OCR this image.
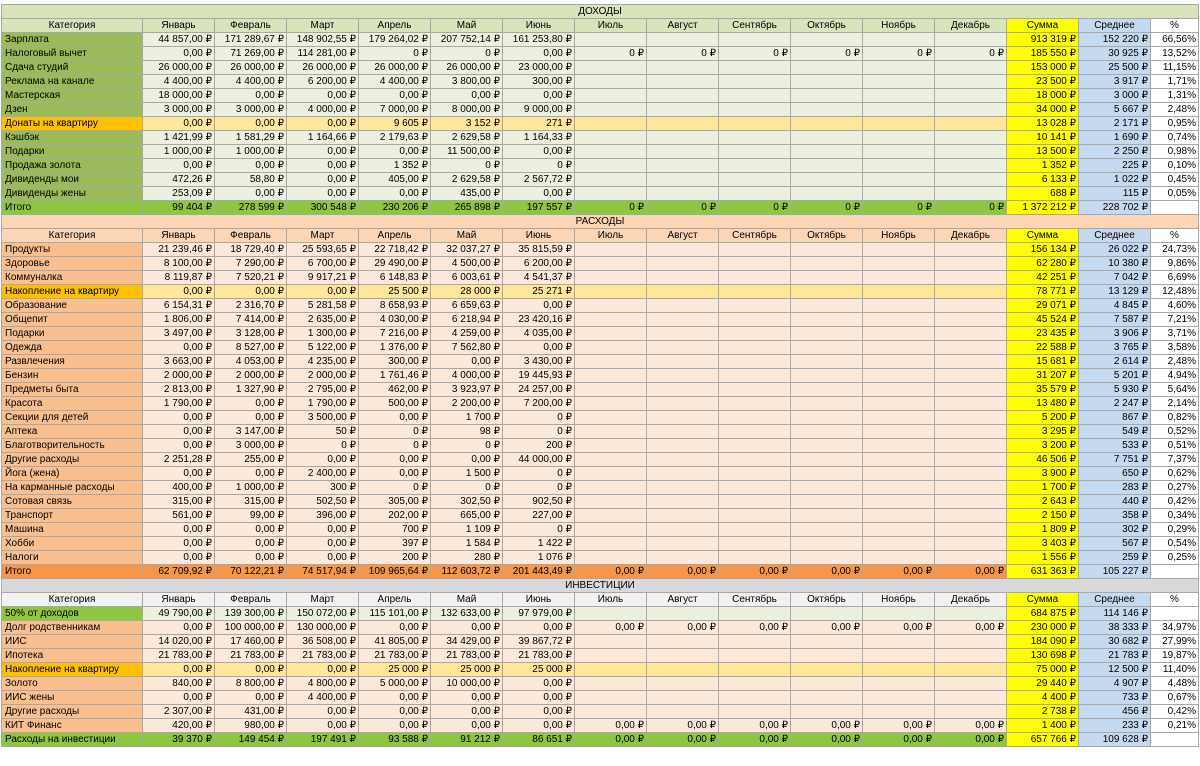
ДОХОДЫ															
Категория	Январь	Февраль	Март	Апрель	Май	Июнь	Июль	Август	Сентябрь	Октябрь	Ноябрь	Декабрь	Сумма	Среднее	%
Зарплата	44 857,00 ₽	171 289,67 ₽	148 902,55 ₽	179 264,02 ₽	207 752,14 ₽	161 253,80 ₽							913 319 ₽	152 220 ₽	66,56%
Налоговый вычет	0,00 ₽	71 269,00 ₽	114 281,00 ₽	0 ₽	0 ₽	0,00 ₽	0 ₽	0 ₽	0 ₽	0 ₽	0 ₽	0 ₽	185 550 ₽	30 925 ₽	13,52%
Сдача студий	26 000,00 ₽	26 000,00 ₽	26 000,00 ₽	26 000,00 ₽	26 000,00 ₽	23 000,00 ₽							153 000 ₽	25 500 ₽	11,15%
Реклама на канале	4 400,00 ₽	4 400,00 ₽	6 200,00 ₽	4 400,00 ₽	3 800,00 ₽	300,00 ₽							23 500 ₽	3 917 ₽	1,71%
Мастерская	18 000,00 ₽	0,00 ₽	0,00 ₽	0,00 ₽	0,00 ₽	0,00 ₽							18 000 ₽	3 000 ₽	1,31%
Дзен	3 000,00 ₽	3 000,00 ₽	4 000,00 ₽	7 000,00 ₽	8 000,00 ₽	9 000,00 ₽							34 000 ₽	5 667 ₽	2,48%
Донаты на квартиру	0,00 ₽	0,00 ₽	0,00 ₽	9 605 ₽	3 152 ₽	271 ₽							13 028 ₽	2 171 ₽	0,95%
Кэшбэк	1 421,99 ₽	1 581,29 ₽	1 164,66 ₽	2 179,63 ₽	2 629,58 ₽	1 164,33 ₽							10 141 ₽	1 690 ₽	0,74%
Подарки	1 000,00 ₽	1 000,00 ₽	0,00 ₽	0,00 ₽	11 500,00 ₽	0,00 ₽							13 500 ₽	2 250 ₽	0,98%
Продажа золота	0,00 ₽	0,00 ₽	0,00 ₽	1 352 ₽	0 ₽	0 ₽							1 352 ₽	225 ₽	0,10%
Дивиденды мои	472,26 ₽	58,80 ₽	0,00 ₽	405,00 ₽	2 629,58 ₽	2 567,72 ₽							6 133 ₽	1 022 ₽	0,45%
Дивиденды жены	253,09 ₽	0,00 ₽	0,00 ₽	0,00 ₽	435,00 ₽	0,00 ₽							688 ₽	115 ₽	0,05%
Итого	99 404 ₽	278 599 ₽	300 548 ₽	230 206 ₽	265 898 ₽	197 557 ₽	0 ₽	0 ₽	0 ₽	0 ₽	0 ₽	0 ₽	1 372 212 ₽	228 702 ₽	
РАСХОДЫ															
Категория	Январь	Февраль	Март	Апрель	Май	Июнь	Июль	Август	Сентябрь	Октябрь	Ноябрь	Декабрь	Сумма	Среднее	%
Продукты	21 239,46 ₽	18 729,40 ₽	25 593,65 ₽	22 718,42 ₽	32 037,27 ₽	35 815,59 ₽							156 134 ₽	26 022 ₽	24,73%
Здоровье	8 100,00 ₽	7 290,00 ₽	6 700,00 ₽	29 490,00 ₽	4 500,00 ₽	6 200,00 ₽							62 280 ₽	10 380 ₽	9,86%
Коммуналка	8 119,87 ₽	7 520,21 ₽	9 917,21 ₽	6 148,83 ₽	6 003,61 ₽	4 541,37 ₽							42 251 ₽	7 042 ₽	6,69%
Накопление на квартиру	0,00 ₽	0,00 ₽	0,00 ₽	25 500 ₽	28 000 ₽	25 271 ₽							78 771 ₽	13 129 ₽	12,48%
Образование	6 154,31 ₽	2 316,70 ₽	5 281,58 ₽	8 658,93 ₽	6 659,63 ₽	0,00 ₽							29 071 ₽	4 845 ₽	4,60%
Общепит	1 806,00 ₽	7 414,00 ₽	2 635,00 ₽	4 030,00 ₽	6 218,94 ₽	23 420,16 ₽							45 524 ₽	7 587 ₽	7,21%
Подарки	3 497,00 ₽	3 128,00 ₽	1 300,00 ₽	7 216,00 ₽	4 259,00 ₽	4 035,00 ₽							23 435 ₽	3 906 ₽	3,71%
Одежда	0,00 ₽	8 527,00 ₽	5 122,00 ₽	1 376,00 ₽	7 562,80 ₽	0,00 ₽							22 588 ₽	3 765 ₽	3,58%
Развлечения	3 663,00 ₽	4 053,00 ₽	4 235,00 ₽	300,00 ₽	0,00 ₽	3 430,00 ₽							15 681 ₽	2 614 ₽	2,48%
Бензин	2 000,00 ₽	2 000,00 ₽	2 000,00 ₽	1 761,46 ₽	4 000,00 ₽	19 445,93 ₽							31 207 ₽	5 201 ₽	4,94%
Предметы быта	2 813,00 ₽	1 327,90 ₽	2 795,00 ₽	462,00 ₽	3 923,97 ₽	24 257,00 ₽							35 579 ₽	5 930 ₽	5,64%
Красота	1 790,00 ₽	0,00 ₽	1 790,00 ₽	500,00 ₽	2 200,00 ₽	7 200,00 ₽							13 480 ₽	2 247 ₽	2,14%
Секции для детей	0,00 ₽	0,00 ₽	3 500,00 ₽	0,00 ₽	1 700 ₽	0 ₽							5 200 ₽	867 ₽	0,82%
Аптека	0,00 ₽	3 147,00 ₽	50 ₽	0 ₽	98 ₽	0 ₽							3 295 ₽	549 ₽	0,52%
Благотворительность	0,00 ₽	3 000,00 ₽	0 ₽	0 ₽	0 ₽	200 ₽							3 200 ₽	533 ₽	0,51%
Другие расходы	2 251,28 ₽	255,00 ₽	0,00 ₽	0,00 ₽	0,00 ₽	44 000,00 ₽							46 506 ₽	7 751 ₽	7,37%
Йога (жена)	0,00 ₽	0,00 ₽	2 400,00 ₽	0,00 ₽	1 500 ₽	0 ₽							3 900 ₽	650 ₽	0,62%
На карманные расходы	400,00 ₽	1 000,00 ₽	300 ₽	0 ₽	0 ₽	0 ₽							1 700 ₽	283 ₽	0,27%
Сотовая связь	315,00 ₽	315,00 ₽	502,50 ₽	305,00 ₽	302,50 ₽	902,50 ₽							2 643 ₽	440 ₽	0,42%
Транспорт	561,00 ₽	99,00 ₽	396,00 ₽	202,00 ₽	665,00 ₽	227,00 ₽							2 150 ₽	358 ₽	0,34%
Машина	0,00 ₽	0,00 ₽	0,00 ₽	700 ₽	1 109 ₽	0 ₽							1 809 ₽	302 ₽	0,29%
Хобби	0,00 ₽	0,00 ₽	0,00 ₽	397 ₽	1 584 ₽	1 422 ₽							3 403 ₽	567 ₽	0,54%
Налоги	0,00 ₽	0,00 ₽	0,00 ₽	200 ₽	280 ₽	1 076 ₽							1 556 ₽	259 ₽	0,25%
Итого	62 709,92 ₽	70 122,21 ₽	74 517,94 ₽	109 965,64 ₽	112 603,72 ₽	201 443,49 ₽	0,00 ₽	0,00 ₽	0,00 ₽	0,00 ₽	0,00 ₽	0,00 ₽	631 363 ₽	105 227 ₽	
ИНВЕСТИЦИИ															
Категория	Январь	Февраль	Март	Апрель	Май	Июнь	Июль	Август	Сентябрь	Октябрь	Ноябрь	Декабрь	Сумма	Среднее	%
50% от доходов	49 790,00 ₽	139 300,00 ₽	150 072,00 ₽	115 101,00 ₽	132 633,00 ₽	97 979,00 ₽							684 875 ₽	114 146 ₽	
Долг родственникам	0,00 ₽	100 000,00 ₽	130 000,00 ₽	0,00 ₽	0,00 ₽	0,00 ₽	0,00 ₽	0,00 ₽	0,00 ₽	0,00 ₽	0,00 ₽	0,00 ₽	230 000 ₽	38 333 ₽	34,97%
ИИС	14 020,00 ₽	17 460,00 ₽	36 508,00 ₽	41 805,00 ₽	34 429,00 ₽	39 867,72 ₽							184 090 ₽	30 682 ₽	27,99%
Ипотека	21 783,00 ₽	21 783,00 ₽	21 783,00 ₽	21 783,00 ₽	21 783,00 ₽	21 783,00 ₽							130 698 ₽	21 783 ₽	19,87%
Накопление на квартиру	0,00 ₽	0,00 ₽	0,00 ₽	25 000 ₽	25 000 ₽	25 000 ₽							75 000 ₽	12 500 ₽	11,40%
Золото	840,00 ₽	8 800,00 ₽	4 800,00 ₽	5 000,00 ₽	10 000,00 ₽	0,00 ₽							29 440 ₽	4 907 ₽	4,48%
ИИС жены	0,00 ₽	0,00 ₽	4 400,00 ₽	0,00 ₽	0,00 ₽	0,00 ₽							4 400 ₽	733 ₽	0,67%
Другие расходы	2 307,00 ₽	431,00 ₽	0,00 ₽	0,00 ₽	0,00 ₽	0,00 ₽							2 738 ₽	456 ₽	0,42%
КИТ Финанс	420,00 ₽	980,00 ₽	0,00 ₽	0,00 ₽	0,00 ₽	0,00 ₽	0,00 ₽	0,00 ₽	0,00 ₽	0,00 ₽	0,00 ₽	0,00 ₽	1 400 ₽	233 ₽	0,21%
Расходы на инвестиции	39 370 ₽	149 454 ₽	197 491 ₽	93 588 ₽	91 212 ₽	86 651 ₽	0,00 ₽	0,00 ₽	0,00 ₽	0,00 ₽	0,00 ₽	0,00 ₽	657 766 ₽	109 628 ₽	
